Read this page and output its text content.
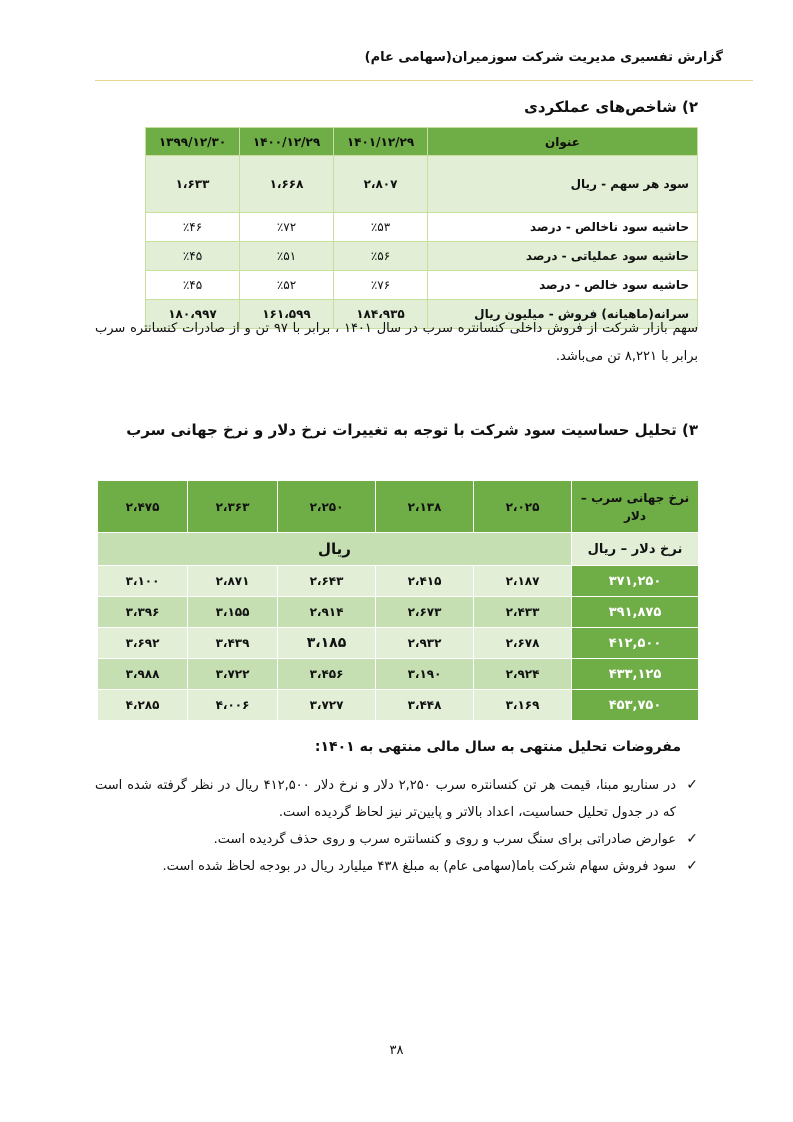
گزارش تفسیری مدیریت شرکت سوزمیران(سهامی عام)
۲) شاخص‌های عملکردی
عنوان	۱۴۰۱/۱۲/۲۹	۱۴۰۰/۱۲/۲۹	۱۳۹۹/۱۲/۳۰
سود هر سهم - ریال	۲،۸۰۷	۱،۶۶۸	۱،۶۳۳
حاشیه سود ناخالص - درصد	٪۵۳	٪۷۲	٪۴۶
حاشیه سود عملیاتی - درصد	٪۵۶	٪۵۱	٪۴۵
حاشیه سود خالص - درصد	٪۷۶	٪۵۲	٪۴۵
سرانه(ماهیانه) فروش - میلیون ریال	۱۸۴،۹۳۵	۱۶۱،۵۹۹	۱۸۰،۹۹۷
سهم بازار شرکت از فروش داخلی کنسانتره سرب در سال ۱۴۰۱ ، برابر با ۹۷ تن و از صادرات کنسانتره سرب برابر با ۸,۲۲۱ تن می‌باشد.
۳) تحلیل حساسیت سود شرکت با توجه به تغییرات نرخ دلار و نرخ جهانی سرب
نرخ جهانی سرب – دلار	۲،۰۲۵	۲،۱۳۸	۲،۲۵۰	۲،۳۶۳	۲،۴۷۵
نرخ دلار – ریال	ریال				
۳۷۱,۲۵۰	۲،۱۸۷	۲،۴۱۵	۲،۶۴۳	۲،۸۷۱	۳،۱۰۰
۳۹۱,۸۷۵	۲،۴۳۳	۲،۶۷۳	۲،۹۱۴	۳،۱۵۵	۳،۳۹۶
۴۱۲,۵۰۰	۲،۶۷۸	۲،۹۳۲	۳،۱۸۵	۳،۴۳۹	۳،۶۹۲
۴۳۳,۱۲۵	۲،۹۲۴	۳،۱۹۰	۳،۴۵۶	۳،۷۲۲	۳،۹۸۸
۴۵۳,۷۵۰	۳،۱۶۹	۳،۴۴۸	۳،۷۲۷	۴،۰۰۶	۴،۲۸۵
مفروضات تحلیل منتهی به سال مالی منتهی به ۱۴۰۱:
✓
در سناریو مبنا، قیمت هر تن کنسانتره سرب ۲,۲۵۰ دلار و نرخ دلار ۴۱۲,۵۰۰ ریال در نظر گرفته شده است که در جدول تحلیل حساسیت، اعداد بالاتر و پایین‌تر نیز لحاظ گردیده است.
✓
عوارض صادراتی برای سنگ سرب و روی و کنسانتره سرب و روی حذف گردیده است.
✓
سود فروش سهام شرکت باما(سهامی عام) به مبلغ ۴۳۸ میلیارد ریال در بودجه لحاظ شده است.
۳۸
